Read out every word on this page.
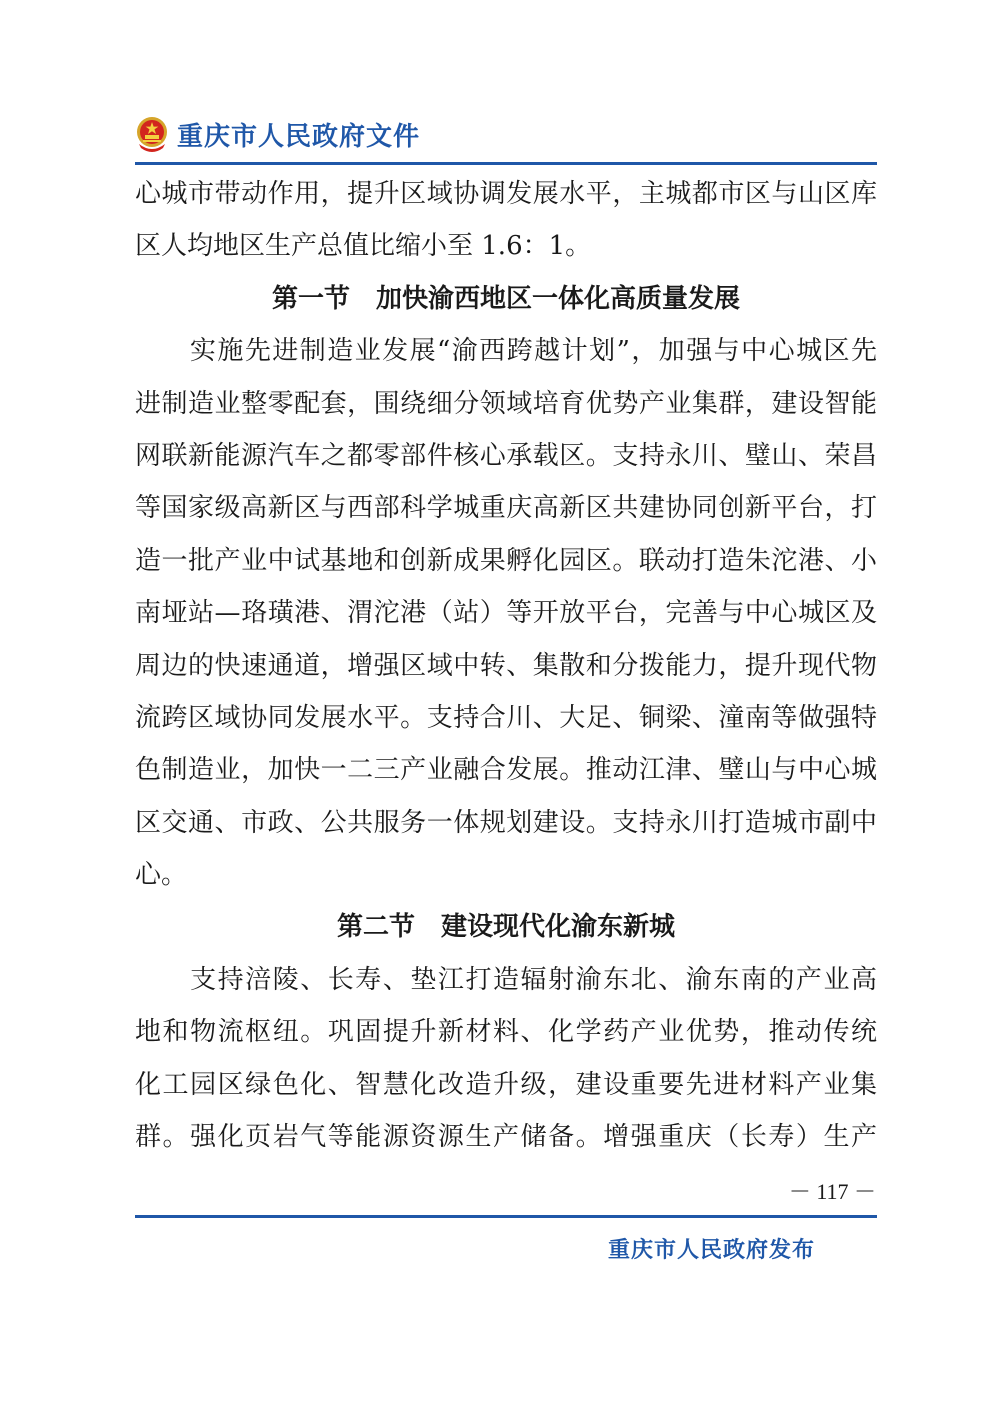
重庆市人民政府文件
心城市带动作用，提升区域协调发展水平，主城都市区与山区库
区人均地区生产总值比缩小至 1.6：1。
第一节　加快渝西地区一体化高质量发展
　　实施先进制造业发展“渝西跨越计划”，加强与中心城区先
进制造业整零配套，围绕细分领域培育优势产业集群，建设智能
网联新能源汽车之都零部件核心承载区。支持永川、璧山、荣昌
等国家级高新区与西部科学城重庆高新区共建协同创新平台，打
造一批产业中试基地和创新成果孵化园区。联动打造朱沱港、小
南垭站—珞璜港、渭沱港（站）等开放平台，完善与中心城区及
周边的快速通道，增强区域中转、集散和分拨能力，提升现代物
流跨区域协同发展水平。支持合川、大足、铜梁、潼南等做强特
色制造业，加快一二三产业融合发展。推动江津、璧山与中心城
区交通、市政、公共服务一体规划建设。支持永川打造城市副中
心。
第二节　建设现代化渝东新城
　　支持涪陵、长寿、垫江打造辐射渝东北、渝东南的产业高
地和物流枢纽。巩固提升新材料、化学药产业优势，推动传统
化工园区绿色化、智慧化改造升级，建设重要先进材料产业集
群。强化页岩气等能源资源生产储备。增强重庆（长寿）生产
－ 117 －
重庆市人民政府发布
